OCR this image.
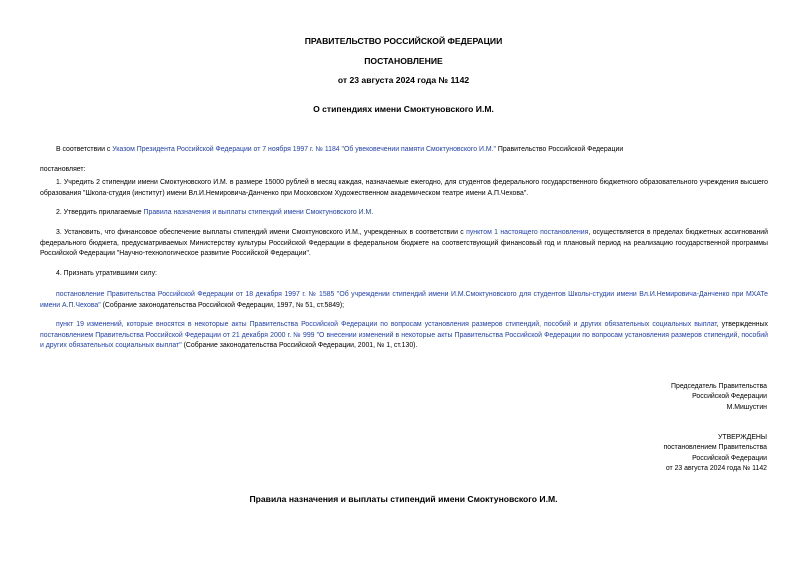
ПРАВИТЕЛЬСТВО РОССИЙСКОЙ ФЕДЕРАЦИИ
ПОСТАНОВЛЕНИЕ
от 23 августа 2024 года № 1142
О стипендиях имени Смоктуновского И.М.
В соответствии с Указом Президента Российской Федерации от 7 ноября 1997 г. № 1184 "Об увековечении памяти Смоктуновского И.М." Правительство Российской Федерации
постановляет:
1. Учредить 2 стипендии имени Смоктуновского И.М. в размере 15000 рублей в месяц каждая, назначаемые ежегодно, для студентов федерального государственного бюджетного образовательного учреждения высшего образования "Школа-студия (институт) имени Вл.И.Немировича-Данченко при Московском Художественном академическом театре имени А.П.Чехова".
2. Утвердить прилагаемые Правила назначения и выплаты стипендий имени Смоктуновского И.М.
3. Установить, что финансовое обеспечение выплаты стипендий имени Смоктуновского И.М., учрежденных в соответствии с пунктом 1 настоящего постановления, осуществляется в пределах бюджетных ассигнований федерального бюджета, предусматриваемых Министерству культуры Российской Федерации в федеральном бюджете на соответствующий финансовый год и плановый период на реализацию государственной программы Российской Федерации "Научно-технологическое развитие Российской Федерации".
4. Признать утратившими силу:
постановление Правительства Российской Федерации от 18 декабря 1997 г. № 1585 "Об учреждении стипендий имени И.М.Смоктуновского для студентов Школы-студии имени Вл.И.Немировича-Данченко при МХАТе имени А.П.Чехова" (Собрание законодательства Российской Федерации, 1997, № 51, ст.5849);
пункт 19 изменений, которые вносятся в некоторые акты Правительства Российской Федерации по вопросам установления размеров стипендий, пособий и других обязательных социальных выплат, утвержденных постановлением Правительства Российской Федерации от 21 декабря 2000 г. № 999 "О внесении изменений в некоторые акты Правительства Российской Федерации по вопросам установления размеров стипендий, пособий и других обязательных социальных выплат" (Собрание законодательства Российской Федерации, 2001, № 1, ст.130).
Председатель Правительства
Российской Федерации
М.Мишустин
УТВЕРЖДЕНЫ
постановлением Правительства
Российской Федерации
от 23 августа 2024 года № 1142
Правила назначения и выплаты стипендий имени Смоктуновского И.М.
